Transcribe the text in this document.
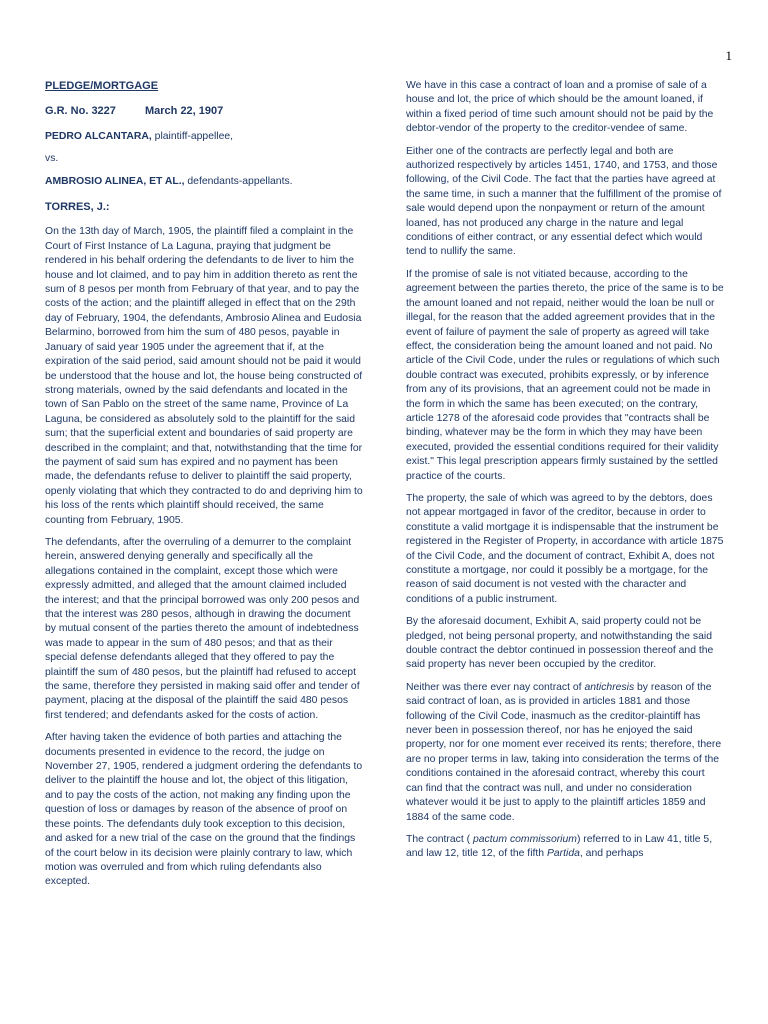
1
PLEDGE/MORTGAGE
G.R. No. 3227	March 22, 1907

PEDRO ALCANTARA, plaintiff-appellee,

vs.

AMBROSIO ALINEA, ET AL., defendants-appellants.

TORRES, J.:

On the 13th day of March, 1905, the plaintiff filed a complaint in the Court of First Instance of La Laguna, praying that judgment be rendered in his behalf ordering the defendants to de liver to him the house and lot claimed, and to pay him in addition thereto as rent the sum of 8 pesos per month from February of that year, and to pay the costs of the action; and the plaintiff alleged in effect that on the 29th day of February, 1904, the defendants, Ambrosio Alinea and Eudosia Belarmino, borrowed from him the sum of 480 pesos, payable in January of said year 1905 under the agreement that if, at the expiration of the said period, said amount should not be paid it would be understood that the house and lot, the house being constructed of strong materials, owned by the said defendants and located in the town of San Pablo on the street of the same name, Province of La Laguna, be considered as absolutely sold to the plaintiff for the said sum; that the superficial extent and boundaries of said property are described in the complaint; and that, notwithstanding that the time for the payment of said sum has expired and no payment has been made, the defendants refuse to deliver to plaintiff the said property, openly violating that which they contracted to do and depriving him to his loss of the rents which plaintiff should received, the same counting from February, 1905.

The defendants, after the overruling of a demurrer to the complaint herein, answered denying generally and specifically all the allegations contained in the complaint, except those which were expressly admitted, and alleged that the amount claimed included the interest; and that the principal borrowed was only 200 pesos and that the interest was 280 pesos, although in drawing the document by mutual consent of the parties thereto the amount of indebtedness was made to appear in the sum of 480 pesos; and that as their special defense defendants alleged that they offered to pay the plaintiff the sum of 480 pesos, but the plaintiff had refused to accept the same, therefore they persisted in making said offer and tender of payment, placing at the disposal of the plaintiff the said 480 pesos first tendered; and defendants asked for the costs of action.

After having taken the evidence of both parties and attaching the documents presented in evidence to the record, the judge on November 27, 1905, rendered a judgment ordering the defendants to deliver to the plaintiff the house and lot, the object of this litigation, and to pay the costs of the action, not making any finding upon the question of loss or damages by reason of the absence of proof on these points. The defendants duly took exception to this decision, and asked for a new trial of the case on the ground that the findings of the court below in its decision were plainly contrary to law, which motion was overruled and from which ruling defendants also excepted.

We have in this case a contract of loan and a promise of sale of a house and lot, the price of which should be the amount loaned, if within a fixed period of time such amount should not be paid by the debtor-vendor of the property to the creditor-vendee of same.

Either one of the contracts are perfectly legal and both are authorized respectively by articles 1451, 1740, and 1753, and those following, of the Civil Code. The fact that the parties have agreed at the same time, in such a manner that the fulfillment of the promise of sale would depend upon the nonpayment or return of the amount loaned, has not produced any charge in the nature and legal conditions of either contract, or any essential defect which would tend to nullify the same.

If the promise of sale is not vitiated because, according to the agreement between the parties thereto, the price of the same is to be the amount loaned and not repaid, neither would the loan be null or illegal, for the reason that the added agreement provides that in the event of failure of payment the sale of property as agreed will take effect, the consideration being the amount loaned and not paid. No article of the Civil Code, under the rules or regulations of which such double contract was executed, prohibits expressly, or by inference from any of its provisions, that an agreement could not be made in the form in which the same has been executed; on the contrary, article 1278 of the aforesaid code provides that "contracts shall be binding, whatever may be the form in which they may have been executed, provided the essential conditions required for their validity exist." This legal prescription appears firmly sustained by the settled practice of the courts.

The property, the sale of which was agreed to by the debtors, does not appear mortgaged in favor of the creditor, because in order to constitute a valid mortgage it is indispensable that the instrument be registered in the Register of Property, in accordance with article 1875 of the Civil Code, and the document of contract, Exhibit A, does not constitute a mortgage, nor could it possibly be a mortgage, for the reason of said document is not vested with the character and conditions of a public instrument.

By the aforesaid document, Exhibit A, said property could not be pledged, not being personal property, and notwithstanding the said double contract the debtor continued in possession thereof and the said property has never been occupied by the creditor.

Neither was there ever nay contract of antichresis by reason of the said contract of loan, as is provided in articles 1881 and those following of the Civil Code, inasmuch as the creditor-plaintiff has never been in possession thereof, nor has he enjoyed the said property, nor for one moment ever received its rents; therefore, there are no proper terms in law, taking into consideration the terms of the conditions contained in the aforesaid contract, whereby this court can find that the contract was null, and under no consideration whatever would it be just to apply to the plaintiff articles 1859 and 1884 of the same code.

The contract ( pactum commissorium) referred to in Law 41, title 5, and law 12, title 12, of the fifth Partida, and perhaps
